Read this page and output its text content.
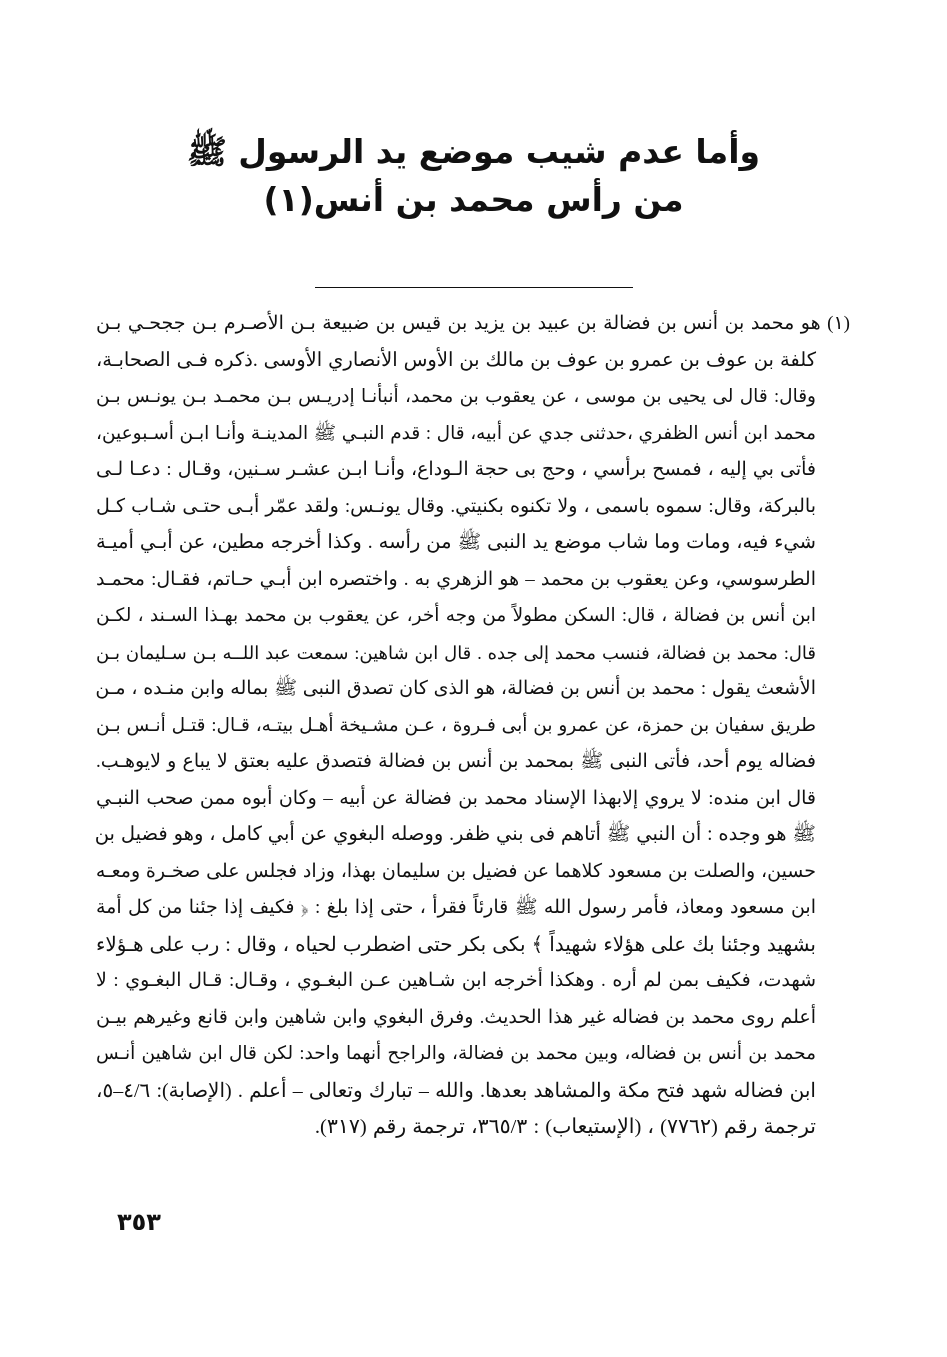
وأما عدم شيب موضع يد الرسول ﷺ
من رأس محمد بن أنس(١)
(١) هو محمد بن أنس بن فضالة بن عبيد بن يزيد بن قيس بن ضبيعة بـن الأصـرم بـن ججحـي بـن
كلفة بن عوف بن عمرو بن عوف بن مالك بن الأوس الأنصاري الأوسى .ذكره فـى الصحابـة،
وقال: قال لى يحيى بن موسى ، عن يعقوب بن محمد، أنبأنـا إدريـس بـن محمـد بـن يونـس بـن
محمد ابن أنس الظفري ،حدثنى جدي عن أبيه، قال : قدم النبـي ﷺ المدينـة وأنـا ابـن أسـبوعين،
فأتى بي إليه ، فمسح برأسي ، وحج بى حجة الـوداع، وأنـا ابـن عشـر سـنين، وقـال : دعـا لـى
بالبركة، وقال: سموه باسمى ، ولا تكنوه بكنيتي. وقال يونـس: ولقد عمّر أبـى حتـى شـاب كـل
شيء فيه، ومات وما شاب موضع يد النبى ﷺ من رأسه . وكذا أخرجه مطين، عن أبـي أميـة
الطرسوسي، وعن يعقوب بن محمد – هو الزهري به . واختصره ابن أبـي حـاتم، فقـال: محمـد
ابن أنس بن فضالة ، قال: السكن مطولاً من وجه أخر، عن يعقوب بن محمد بهـذا السـند ، لكـن
قال: محمد بن فضالة، فنسب محمد إلى جده . قال ابن شاهين: سمعت عبد اللــه بـن سـليمان بـن
الأشعث يقول : محمد بن أنس بن فضالة، هو الذى كان تصدق النبى ﷺ بماله وابن منـده ، مـن
طريق سفيان بن حمزة، عن عمرو بن أبى فـروة ، عـن مشـيخة أهـل بيتـه، قـال: قتـل أنـس بـن
فضاله يوم أحد، فأتى النبى ﷺ بمحمد بن أنس بن فضالة فتصدق عليه بعتق لا يباع و لايوهـب.
قال ابن منده: لا يروي إلابهذا الإسناد محمد بن فضالة عن أبيه – وكان أبوه ممن صحب النبـي
ﷺ هو وجده : أن النبي ﷺ أتاهم فى بني ظفر. ووصله البغوي عن أبي كامل ، وهو فضيل بن
حسين، والصلت بن مسعود كلاهما عن فضيل بن سليمان بهذا، وزاد فجلس على صخـرة ومعـه
ابن مسعود ومعاذ، فأمر رسول الله ﷺ قارئاً فقرأ ، حتى إذا بلغ : ﴿ فكيف إذا جئنا من كل أمة
بشهيد وجئنا بك على هؤلاء شهيداً ﴾ بكى بكر حتى اضطرب لحياه ، وقال : رب على هـؤلاء
شهدت، فكيف بمن لم أره . وهكذا أخرجه ابن شـاهين عـن البغـوي ، وقـال: قـال البغـوي : لا
أعلم روى محمد بن فضاله غير هذا الحديث. وفرق البغوي وابن شاهين وابن قانع وغيرهم بيـن
محمد بن أنس بن فضاله، وبين محمد بن فضالة، والراجح أنهما واحد: لكن قال ابن شاهين أنـس
ابن فضاله شهد فتح مكة والمشاهد بعدها. والله – تبارك وتعالى – أعلم . (الإصابة): ٤/٦–٥،
ترجمة رقم (٧٧٦٢) ، (الإستيعاب) : ٣٦٥/٣، ترجمة رقم (٣١٧).
٣٥٣
